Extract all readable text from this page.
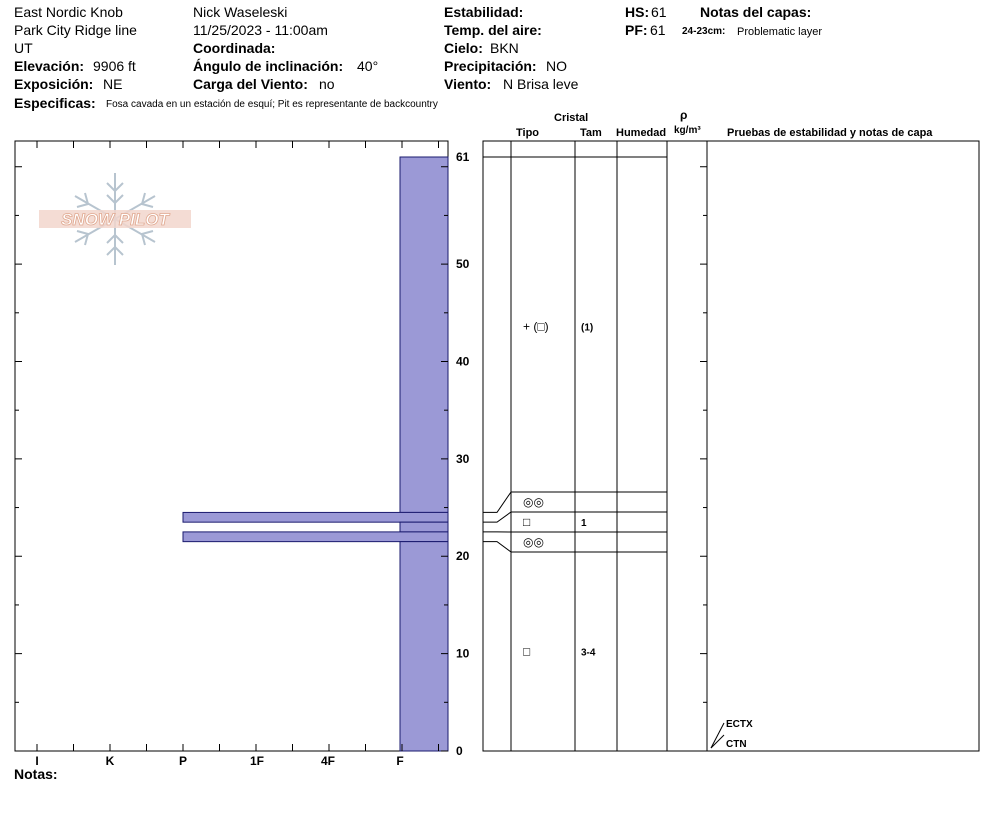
East Nordic Knob
Park City Ridge line
UT
Elevación: 9906 ft
Exposición: NE
Especificas: Fosa cavada en un estación de esquí; Pit es representante de backcountry
Nick Waseleski
11/25/2023 - 11:00am
Coordinada:
Ángulo de inclinación: 40°
Carga del Viento: no
Estabilidad:
Temp. del aire:
Cielo: BKN
Precipitación: NO
Viento: N Brisa leve
HS: 61
PF: 61
Notas del capas:
24-23cm: Problematic layer
Cristal
Tipo	Tam Humedad
ρ
kg/m³ Pruebas de estabilidad y notas de capa
Notas:
SNOW PILOT
0
10
20
30
40
50
61
I	K	P	1F	4F	F
+ (□)	(1)
◎◎
□	1
◎◎
□	3-4
ECTX
CTN
